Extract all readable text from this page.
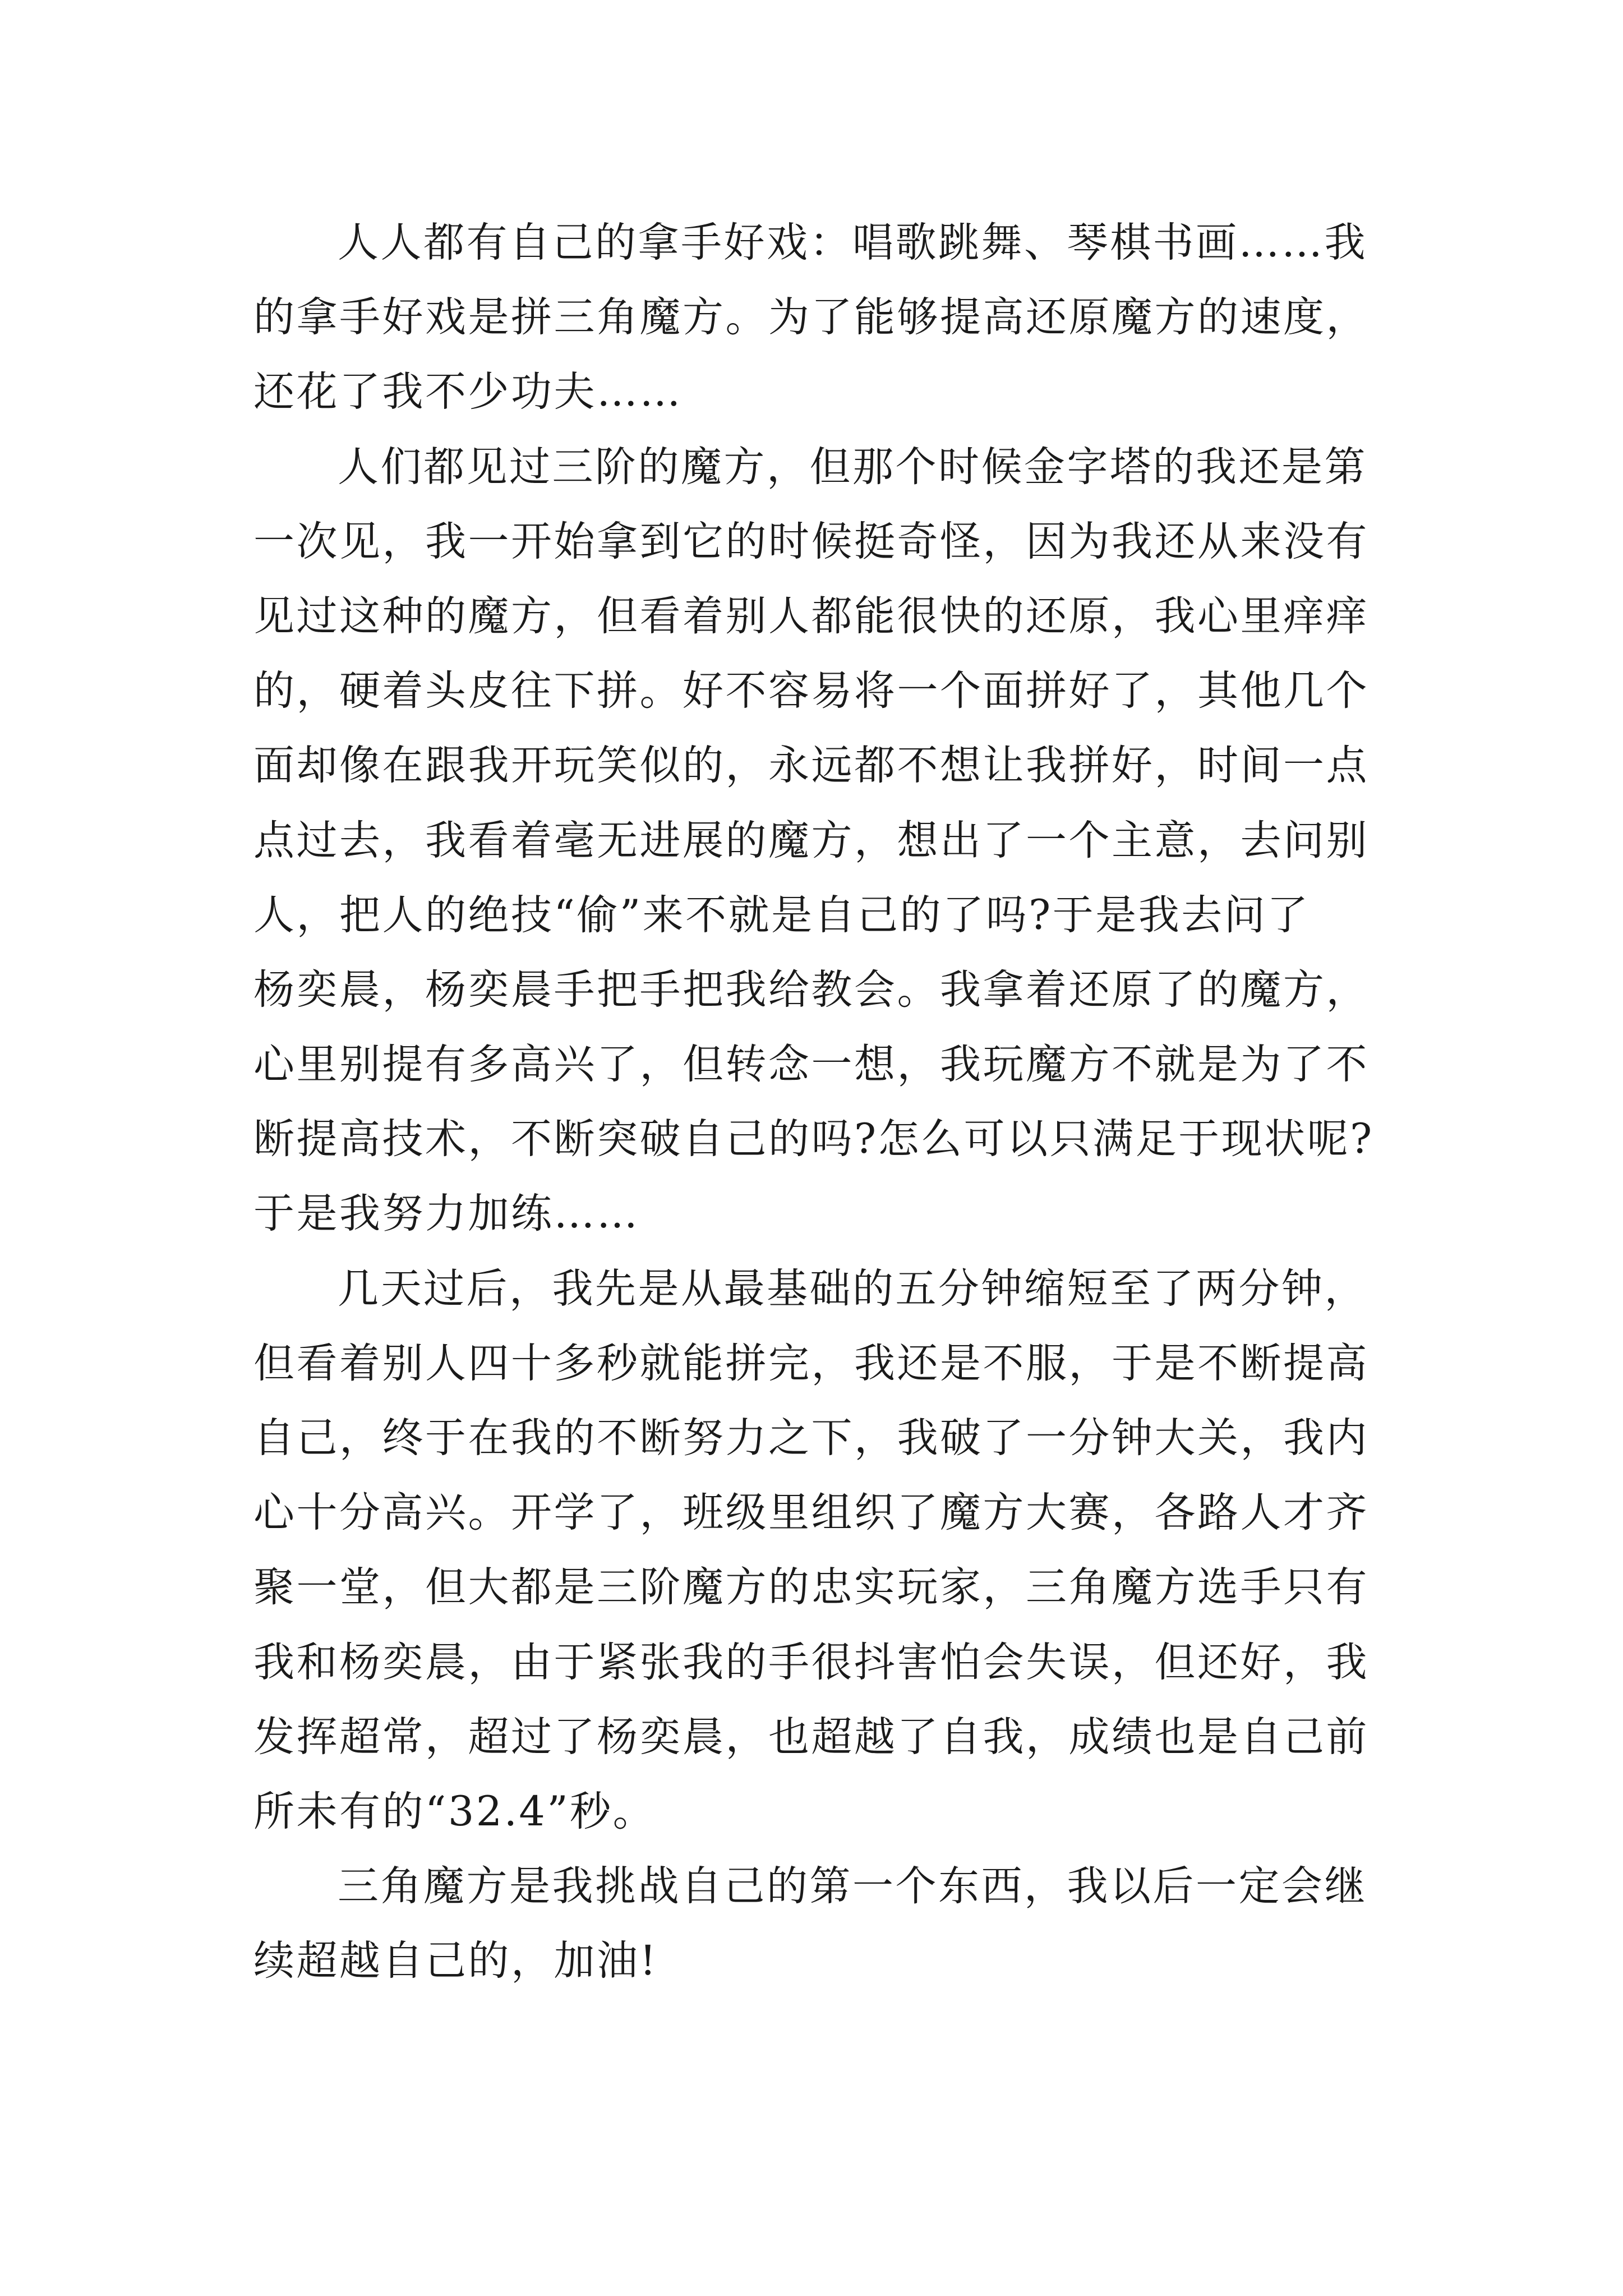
人人都有自己的拿手好戏：唱歌跳舞、琴棋书画……我
的拿手好戏是拼三角魔方。为了能够提高还原魔方的速度，
还花了我不少功夫……
人们都见过三阶的魔方，但那个时候金字塔的我还是第
一次见，我一开始拿到它的时候挺奇怪，因为我还从来没有
见过这种的魔方，但看着别人都能很快的还原，我心里痒痒
的，硬着头皮往下拼。好不容易将一个面拼好了，其他几个
面却像在跟我开玩笑似的，永远都不想让我拼好，时间一点
点过去，我看着毫无进展的魔方，想出了一个主意，去问别
人，把人的绝技“偷”来不就是自己的了吗?于是我去问了
杨奕晨，杨奕晨手把手把我给教会。我拿着还原了的魔方，
心里别提有多高兴了，但转念一想，我玩魔方不就是为了不
断提高技术，不断突破自己的吗?怎么可以只满足于现状呢?
于是我努力加练……
几天过后，我先是从最基础的五分钟缩短至了两分钟，
但看着别人四十多秒就能拼完，我还是不服，于是不断提高
自己，终于在我的不断努力之下，我破了一分钟大关，我内
心十分高兴。开学了，班级里组织了魔方大赛，各路人才齐
聚一堂，但大都是三阶魔方的忠实玩家，三角魔方选手只有
我和杨奕晨，由于紧张我的手很抖害怕会失误，但还好，我
发挥超常，超过了杨奕晨，也超越了自我，成绩也是自己前
所未有的“32.4”秒。
三角魔方是我挑战自己的第一个东西，我以后一定会继
续超越自己的，加油!
